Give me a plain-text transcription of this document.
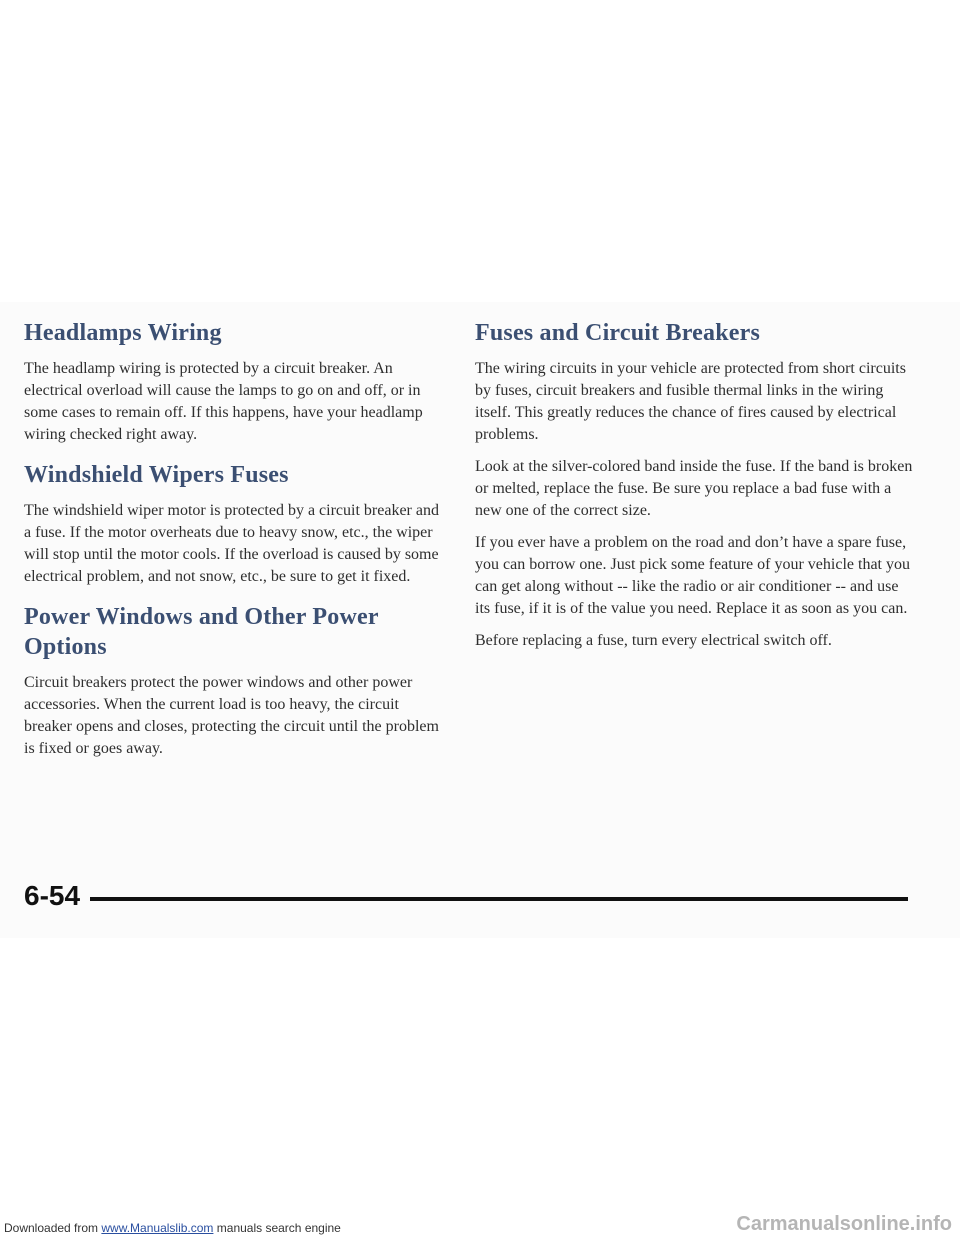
Headlamps Wiring

The headlamp wiring is protected by a circuit breaker. An electrical overload will cause the lamps to go on and off, or in some cases to remain off. If this happens, have your headlamp wiring checked right away.

Windshield Wipers Fuses

The windshield wiper motor is protected by a circuit breaker and a fuse. If the motor overheats due to heavy snow, etc., the wiper will stop until the motor cools. If the overload is caused by some electrical problem, and not snow, etc., be sure to get it fixed.

Power Windows and Other Power Options

Circuit breakers protect the power windows and other power accessories. When the current load is too heavy, the circuit breaker opens and closes, protecting the circuit until the problem is fixed or goes away.

Fuses and Circuit Breakers

The wiring circuits in your vehicle are protected from short circuits by fuses, circuit breakers and fusible thermal links in the wiring itself. This greatly reduces the chance of fires caused by electrical problems.

Look at the silver-colored band inside the fuse. If the band is broken or melted, replace the fuse. Be sure you replace a bad fuse with a new one of the correct size.

If you ever have a problem on the road and don’t have a spare fuse, you can borrow one. Just pick some feature of your vehicle that you can get along without -- like the radio or air conditioner -- and use its fuse, if it is of the value you need. Replace it as soon as you can.

Before replacing a fuse, turn every electrical switch off.

6-54
Downloaded from www.Manualslib.com manuals search engine	Carmanualsonline.info
